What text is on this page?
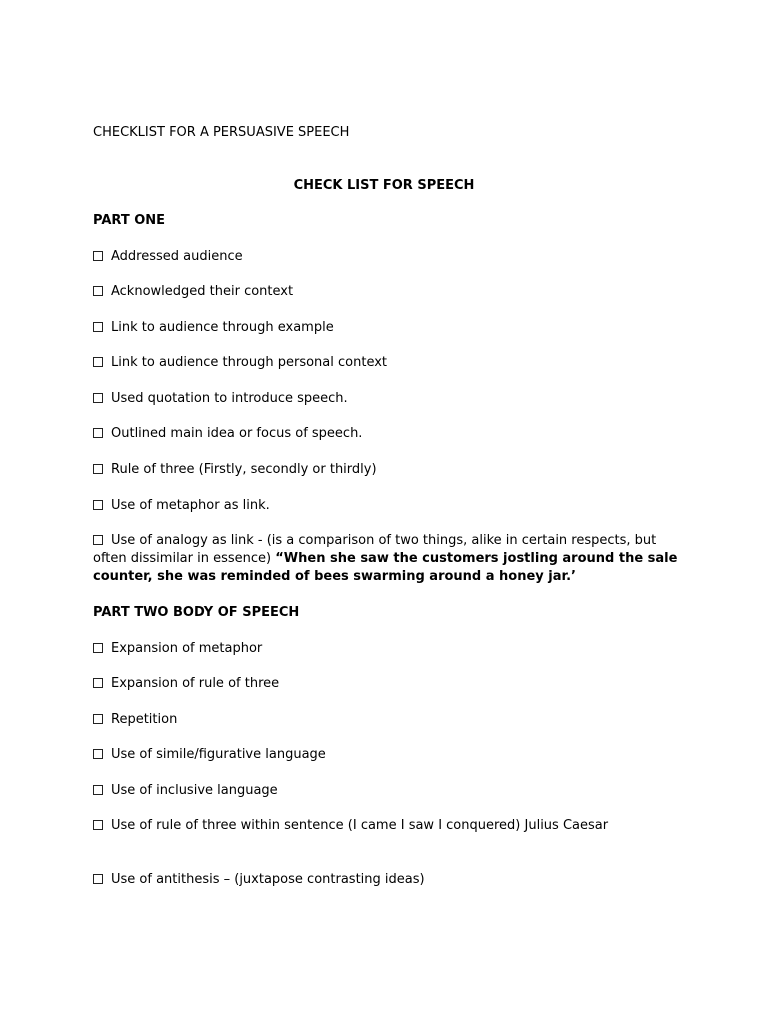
CHECKLIST FOR A PERSUASIVE SPEECH
CHECK LIST FOR SPEECH
PART ONE
Addressed audience
Acknowledged their context
Link to audience through example
Link to audience through personal context
Used quotation to introduce speech.
Outlined main idea or focus of speech.
Rule of three (Firstly, secondly or thirdly)
Use of metaphor as link.
Use of analogy as link - (is a comparison of two things, alike in certain respects, but often dissimilar in essence) “When she saw the customers jostling around the sale counter, she was reminded of bees swarming around a honey jar.’
PART TWO BODY OF SPEECH
Expansion of metaphor
Expansion of rule of three
Repetition
Use of simile/figurative language
Use of inclusive language
Use of rule of three within sentence (I came I saw I conquered) Julius Caesar
Use of antithesis – (juxtapose contrasting ideas)
